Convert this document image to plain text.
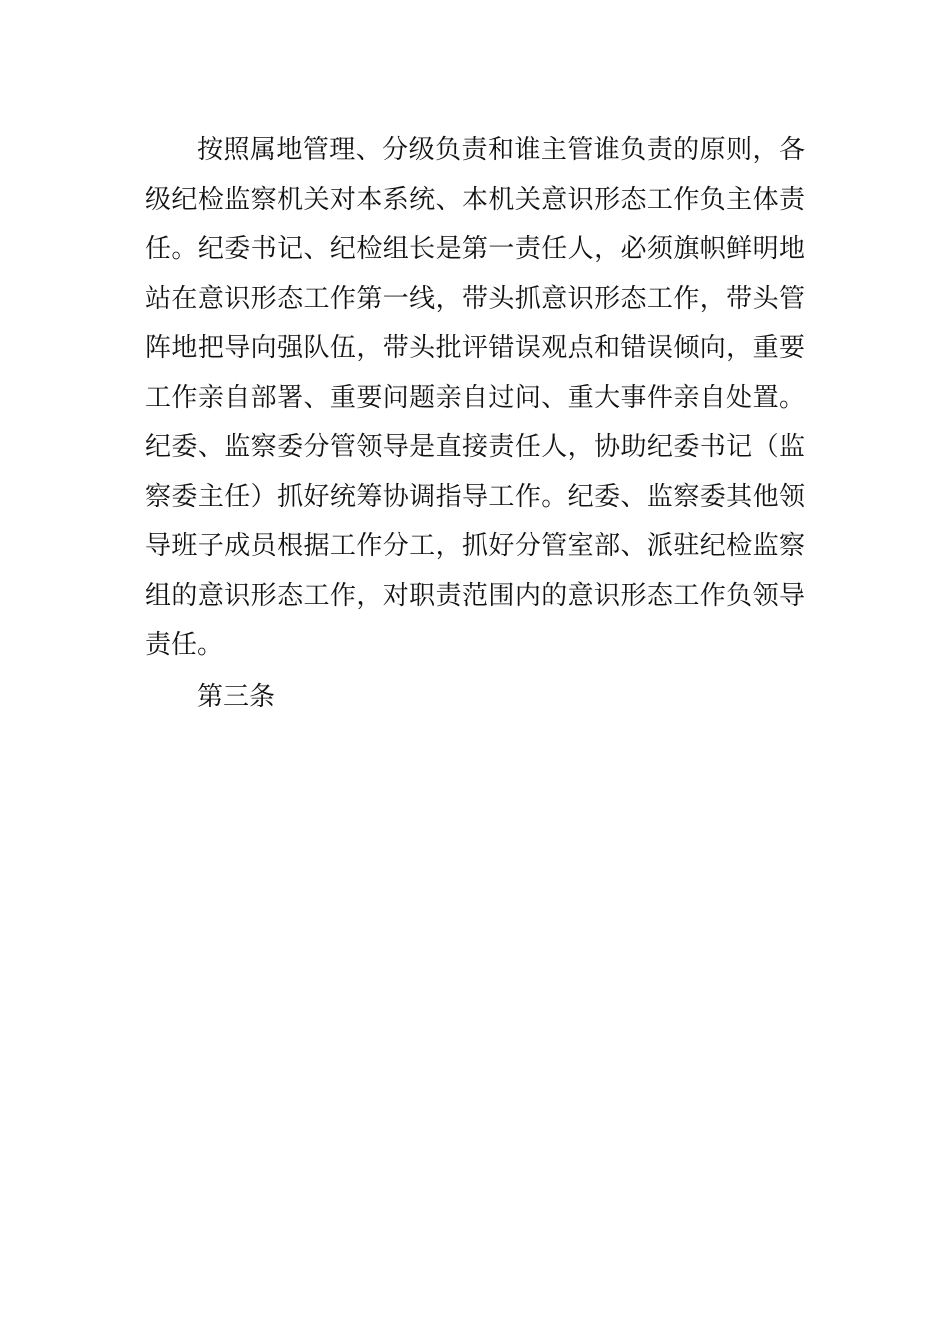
按照属地管理、分级负责和谁主管谁负责的原则，各
级纪检监察机关对本系统、本机关意识形态工作负主体责
任。纪委书记、纪检组长是第一责任人，必须旗帜鲜明地
站在意识形态工作第一线，带头抓意识形态工作，带头管
阵地把导向强队伍，带头批评错误观点和错误倾向，重要
工作亲自部署、重要问题亲自过问、重大事件亲自处置。
纪委、监察委分管领导是直接责任人，协助纪委书记（监
察委主任）抓好统筹协调指导工作。纪委、监察委其他领
导班子成员根据工作分工，抓好分管室部、派驻纪检监察
组的意识形态工作，对职责范围内的意识形态工作负领导
责任。
第三条
